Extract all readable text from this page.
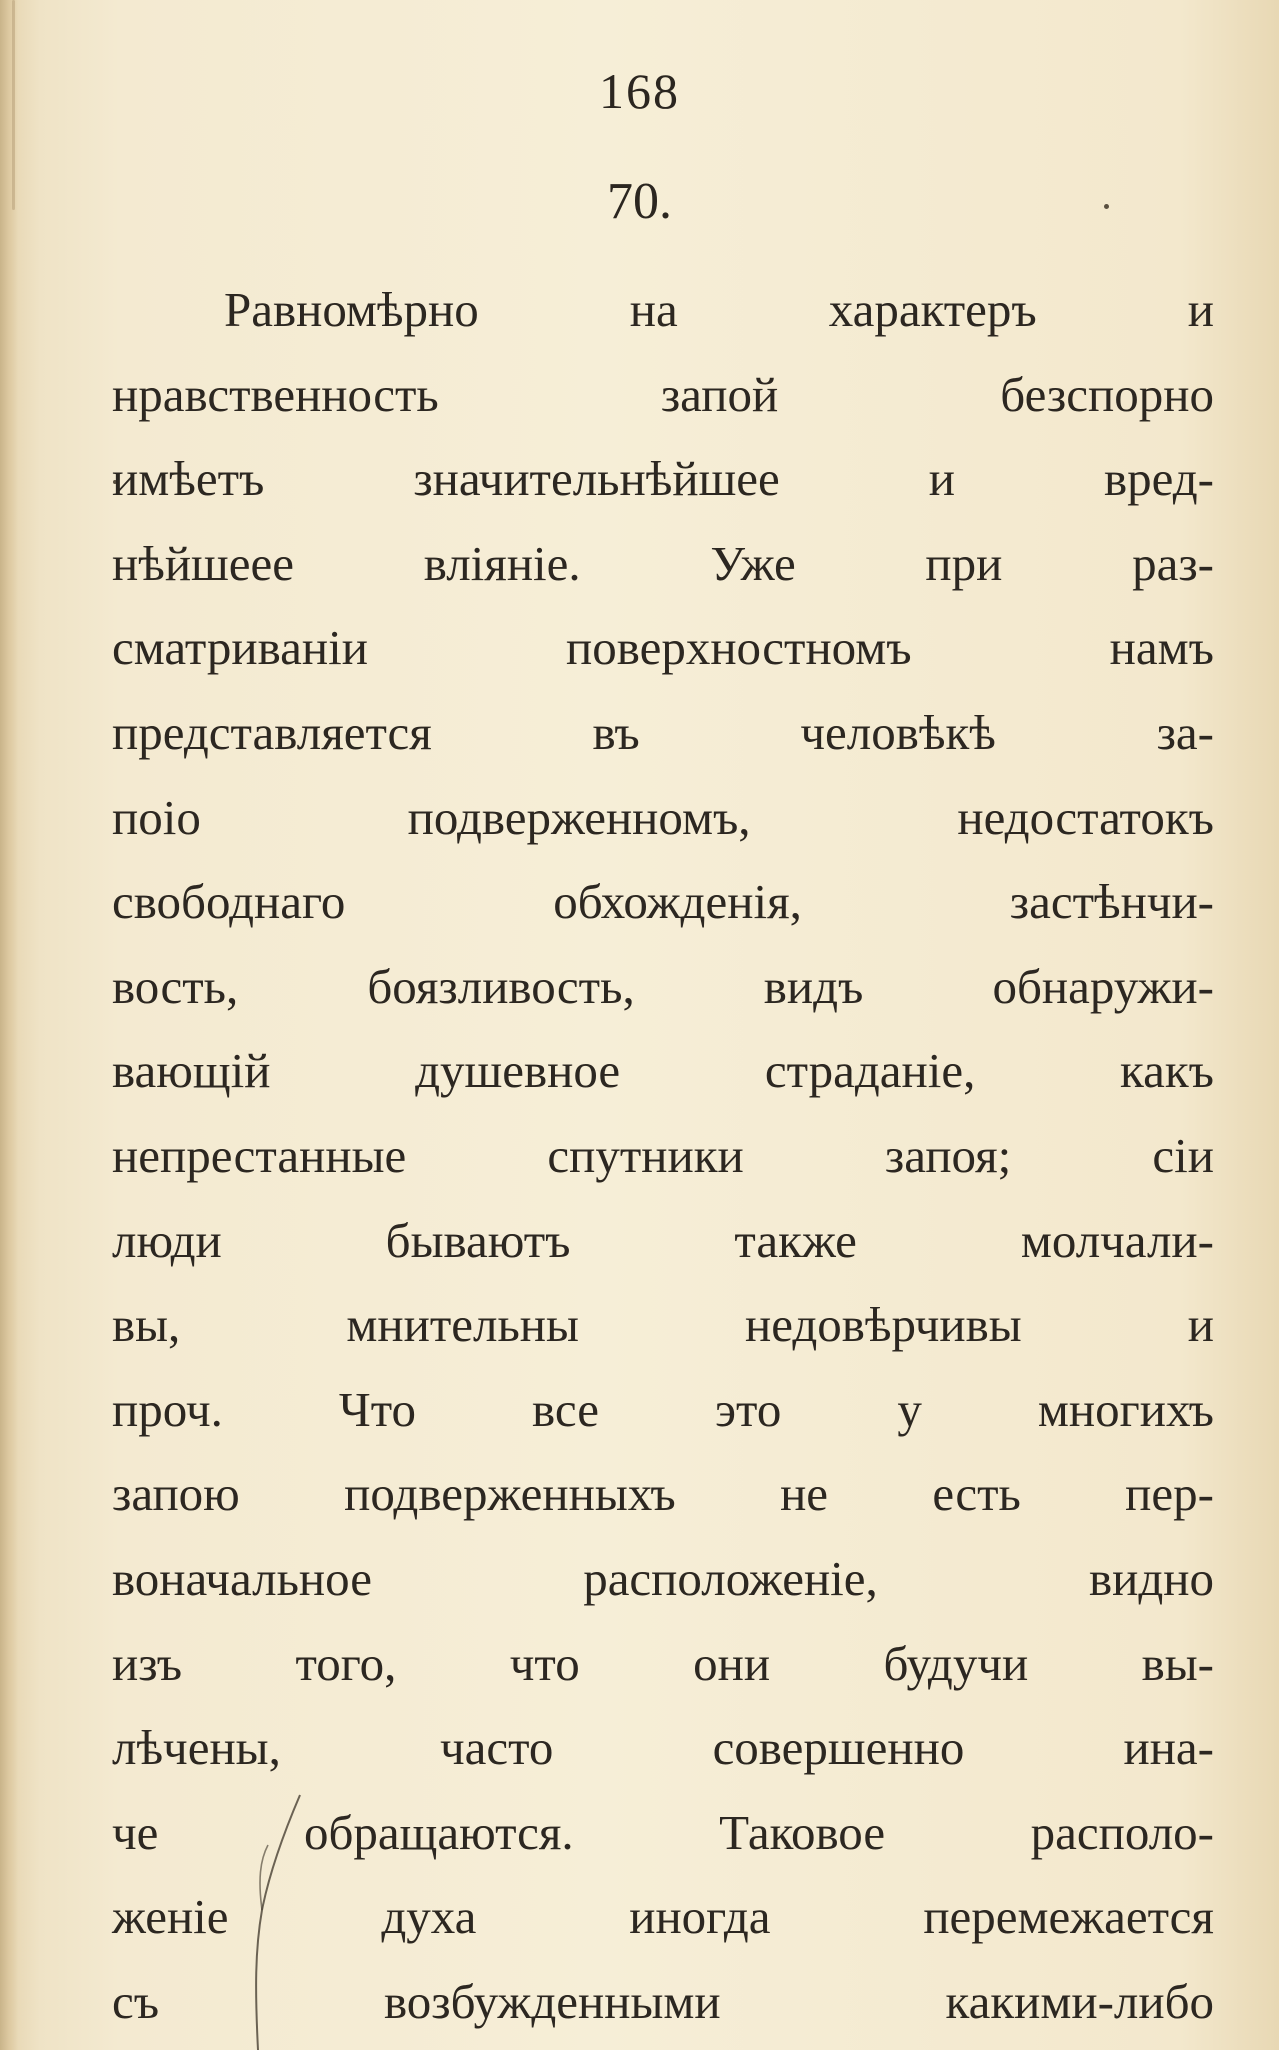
168
70.
Равномѣрно	на	характеръ	и
нравственность	запой	безспорно
имѣетъ	значительнѣйшее	и	вред-
нѣйшеее	вліяніе.	Уже	при	раз-
сматриваніи	поверхностномъ	намъ
представляется	въ	человѣкѣ	за-
поіо	подверженномъ,	недостатокъ
свободнаго	обхожденія,	застѣнчи-
вость,	боязливость,	видъ	обнаружи-
вающій	душевное	страданіе,	какъ
непрестанные	спутники	запоя;	сіи
люди	бываютъ	также	молчали-
вы,	мнительны	недовѣрчивы	и
проч. Что все это у многихъ
запою подверженныхъ не есть пер-
воначальное	расположеніе,	видно
изъ того, что они будучи вы-
лѣчены,	часто	совершенно	ина-
че	обращаются.	Таковое	располо-
женіе	духа	иногда	перемежается
съ	возбужденными	какими-либо
